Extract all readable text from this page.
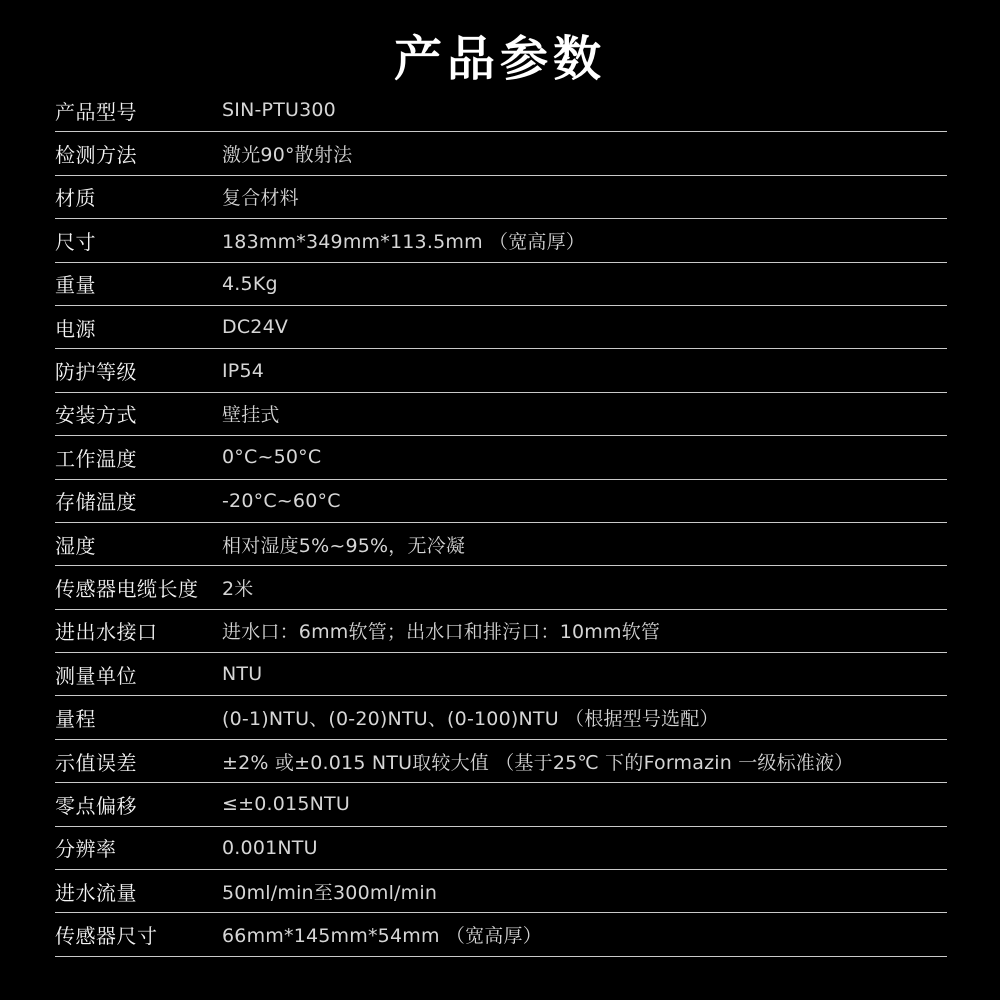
产品参数
产品型号	SIN-PTU300
检测方法	激光90°散射法
材质	复合材料
尺寸	183mm*349mm*113.5mm （宽高厚）
重量	4.5Kg
电源	DC24V
防护等级	IP54
安装方式	壁挂式
工作温度	0°C~50°C
存储温度	-20°C~60°C
湿度	相对湿度5%~95%，无冷凝
传感器电缆长度	2米
进出水接口	进水口：6mm软管；出水口和排污口：10mm软管
测量单位	NTU
量程	(0-1)NTU、(0-20)NTU、(0-100)NTU （根据型号选配）
示值误差	±2% 或±0.015 NTU取较大值 （基于25℃ 下的Formazin 一级标准液）
零点偏移	≤±0.015NTU
分辨率	0.001NTU
进水流量	50ml/min至300ml/min
传感器尺寸	66mm*145mm*54mm （宽高厚）
